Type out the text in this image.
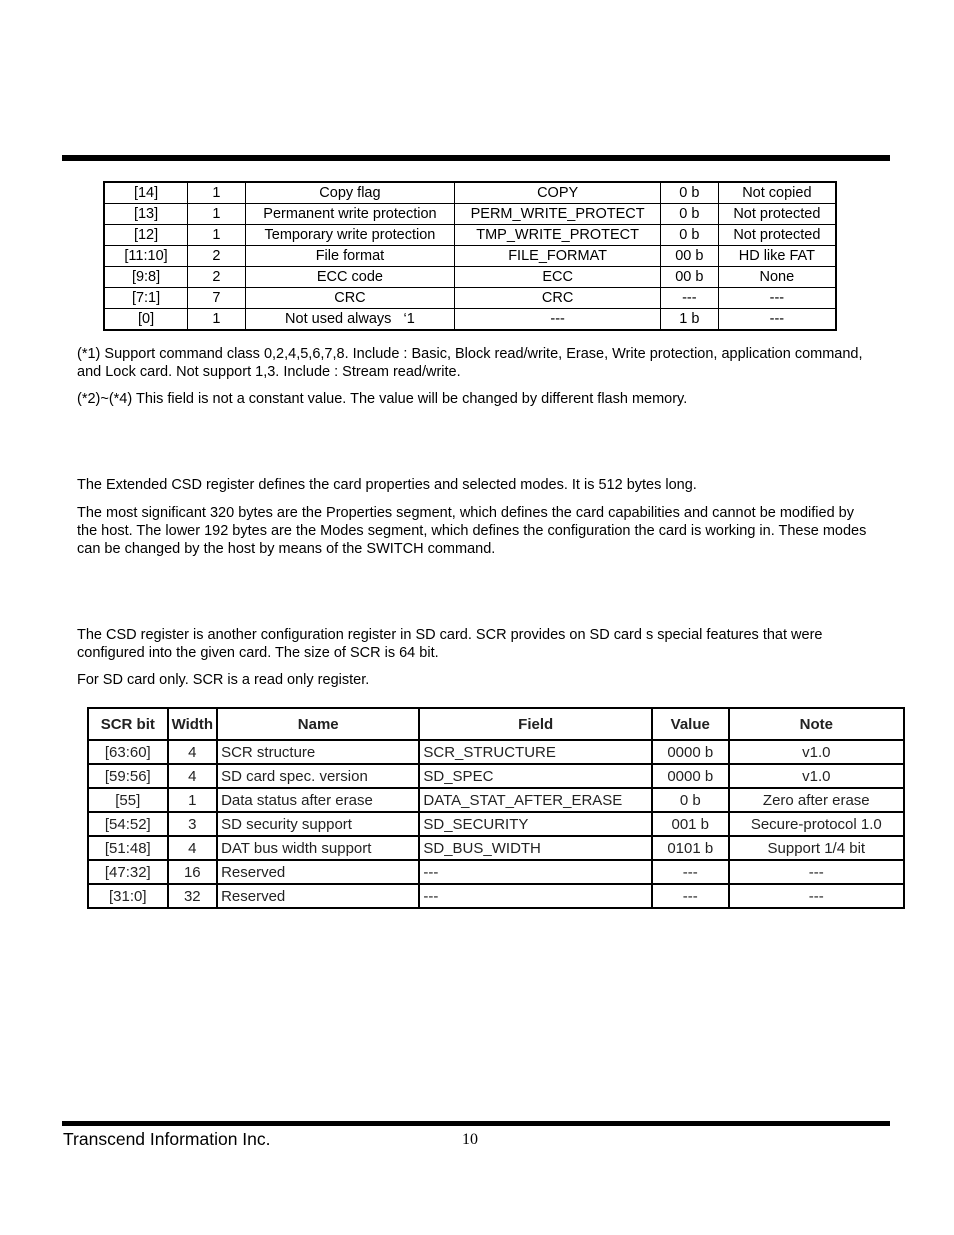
[14]	1	Copy flag	COPY	0 b	Not copied
[13]	1	Permanent write protection	PERM_WRITE_PROTECT	0 b	Not protected
[12]	1	Temporary write protection	TMP_WRITE_PROTECT	0 b	Not protected
[11:10]	2	File format	FILE_FORMAT	00 b	HD like FAT
[9:8]	2	ECC code	ECC	00 b	None
[7:1]	7	CRC	CRC	---	---
[0]	1	Not used always   ‘1	---	1 b	---

(*1) Support command class 0,2,4,5,6,7,8. Include : Basic, Block read/write, Erase, Write protection, application command, and Lock card. Not support 1,3. Include : Stream read/write.

(*2)~(*4) This field is not a constant value. The value will be changed by different flash memory.

The Extended CSD register defines the card properties and selected modes. It is 512 bytes long.

The most significant 320 bytes are the Properties segment, which defines the card capabilities and cannot be modified by the host. The lower 192 bytes are the Modes segment, which defines the configuration the card is working in. These modes can be changed by the host by means of the SWITCH command.

The CSD register is another configuration register in SD card. SCR provides on SD card s special features that were configured into the given card. The size of SCR is 64 bit.

For SD card only. SCR is a read only register.

SCR bit	Width	Name	Field	Value	Note
[63:60]	4	SCR structure	SCR_STRUCTURE	0000 b	v1.0
[59:56]	4	SD card spec. version	SD_SPEC	0000 b	v1.0
[55]	1	Data status after erase	DATA_STAT_AFTER_ERASE	0 b	Zero after erase
[54:52]	3	SD security support	SD_SECURITY	001 b	Secure-protocol 1.0
[51:48]	4	DAT bus width support	SD_BUS_WIDTH	0101 b	Support 1/4 bit
[47:32]	16	Reserved	---	---	---
[31:0]	32	Reserved	---	---	---
Transcend Information Inc.	10
